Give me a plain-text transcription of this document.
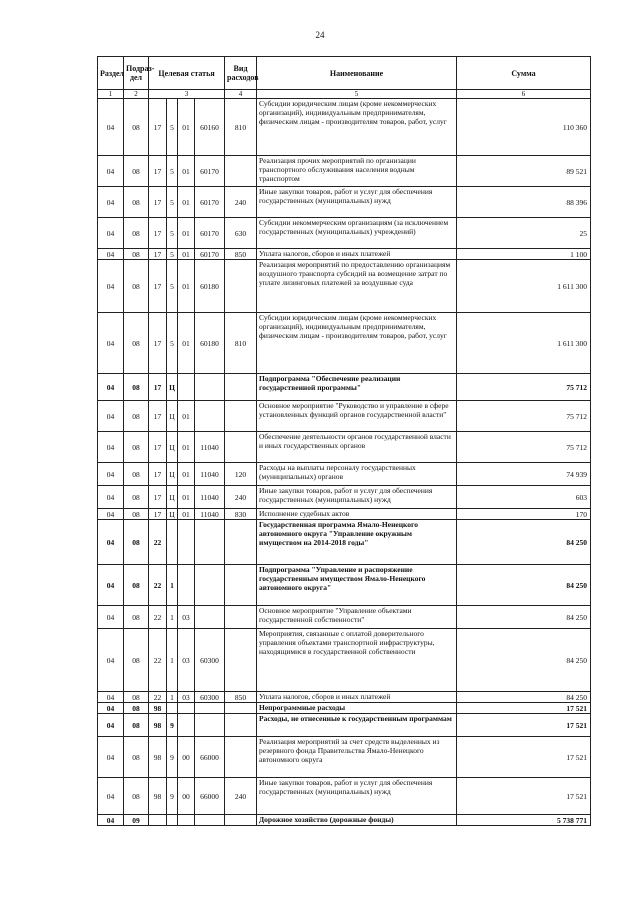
24
Раздел	Подраз-дел	Целевая статья				Вид расходов	Наименование	Сумма
1	2	3				4	5	6
04	08	17	5	01	60160	810	Субсидии юридическим лицам (кроме некоммерческих организаций), индивидуальным предпринимателям, физическим лицам - производителям товаров, работ, услуг	110 360
04	08	17	5	01	60170		Реализация прочих мероприятий по организации транспортного обслуживания населения водным транспортом	89 521
04	08	17	5	01	60170	240	Иные закупки товаров, работ и услуг для обеспечения государственных (муниципальных) нужд	88 396
04	08	17	5	01	60170	630	Субсидии некоммерческим организациям (за исключением государственных (муниципальных) учреждений)	25
04	08	17	5	01	60170	850	Уплата налогов, сборов и иных платежей	1 100
04	08	17	5	01	60180		Реализация мероприятий по предоставлению организациям воздушного транспорта субсидий на возмещение затрат по уплате лизинговых платежей за воздушные суда	1 611 300
04	08	17	5	01	60180	810	Субсидии юридическим лицам (кроме некоммерческих организаций), индивидуальным предпринимателям, физическим лицам - производителям товаров, работ, услуг	1 611 300
04	08	17	Ц				Подпрограмма "Обеспечение реализации государственной программы"	75 712
04	08	17	Ц	01			Основное мероприятие "Руководство и управление в сфере установленных функций органов государственной власти"	75 712
04	08	17	Ц	01	11040		Обеспечение деятельности органов государственной власти и иных государственных органов	75 712
04	08	17	Ц	01	11040	120	Расходы на выплаты персоналу государственных (муниципальных) органов	74 939
04	08	17	Ц	01	11040	240	Иные закупки товаров, работ и услуг для обеспечения государственных (муниципальных) нужд	603
04	08	17	Ц	01	11040	830	Исполнение судебных актов	170
04	08	22					Государственная программа Ямало-Ненецкого автономного округа "Управление окружным имуществом на 2014-2018 годы"	84 250
04	08	22	1				Подпрограмма "Управление и распоряжение государственным имуществом Ямало-Ненецкого автономного округа"	84 250
04	08	22	1	03			Основное мероприятие "Управление объектами государственной собственности"	84 250
04	08	22	1	03	60300		Мероприятия, связанные с оплатой доверительного управления объектами транспортной инфраструктуры, находящимися в государственной собственности	84 250
04	08	22	1	03	60300	850	Уплата налогов, сборов и иных платежей	84 250
04	08	98					Непрограммные расходы	17 521
04	08	98	9				Расходы, не отнесенные к государственным программам	17 521
04	08	98	9	00	66000		Реализация мероприятий за счет средств выделенных из резервного фонда Правительства Ямало-Ненецкого автономного округа	17 521
04	08	98	9	00	66000	240	Иные закупки товаров, работ и услуг для обеспечения государственных (муниципальных) нужд	17 521
04	09						Дорожное хозяйство (дорожные фонды)	5 738 771
